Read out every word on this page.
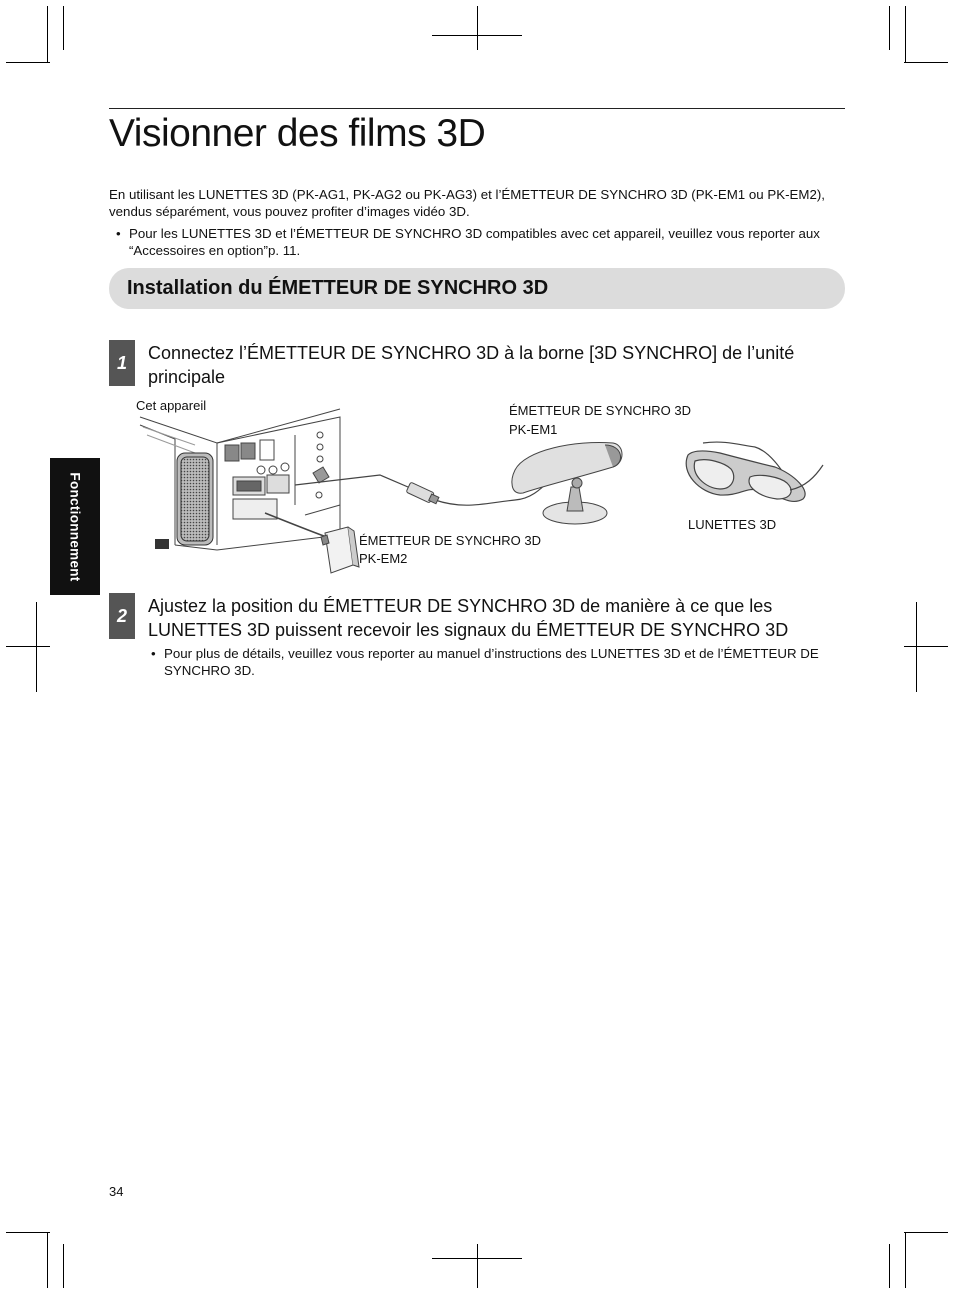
Visionner des films 3D

En utilisant les LUNETTES 3D (PK-AG1, PK-AG2 ou PK-AG3) et l’ÉMETTEUR DE SYNCHRO 3D (PK-EM1 ou PK-EM2), vendus séparément, vous pouvez profiter d’images vidéo 3D.

• Pour les LUNETTES 3D et l’ÉMETTEUR DE SYNCHRO 3D compatibles avec cet appareil, veuillez vous reporter aux “Accessoires en option”p. 11.
Installation du ÉMETTEUR DE SYNCHRO 3D
1	Connectez l’ÉMETTEUR DE SYNCHRO 3D à la borne [3D SYNCHRO] de l’unité principale

Cet appareil	ÉMETTEUR DE SYNCHRO 3D
PK-EM1
ÉMETTEUR DE SYNCHRO 3D
PK-EM2
LUNETTES 3D
Fonctionnement
2	Ajustez la position du ÉMETTEUR DE SYNCHRO 3D de manière à ce que les LUNETTES 3D puissent recevoir les signaux du ÉMETTEUR DE SYNCHRO 3D

• Pour plus de détails, veuillez vous reporter au manuel d’instructions des LUNETTES 3D et de l’ÉMETTEUR DE SYNCHRO 3D.
34
